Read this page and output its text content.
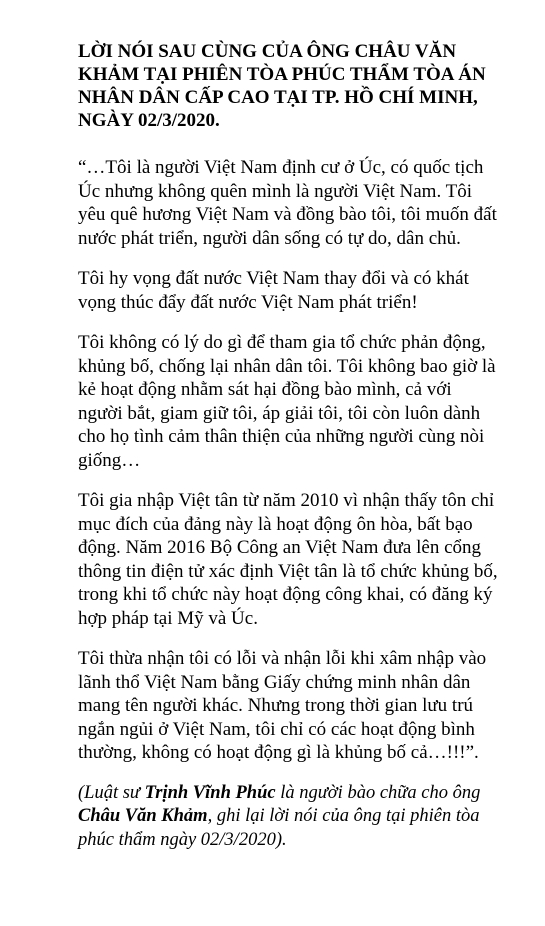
LỜI NÓI SAU CÙNG CỦA ÔNG CHÂU VĂN KHẢM TẠI PHIÊN TÒA PHÚC THẨM TÒA ÁN NHÂN DÂN CẤP CAO TẠI TP. HỒ CHÍ MINH, NGÀY 02/3/2020.

“…Tôi là người Việt Nam định cư ở Úc, có quốc tịch Úc nhưng không quên mình là người Việt Nam. Tôi yêu quê hương Việt Nam và đồng bào tôi, tôi muốn đất nước phát triển, người dân sống có tự do, dân chủ.

Tôi hy vọng đất nước Việt Nam thay đổi và có khát vọng thúc đẩy đất nước Việt Nam phát triển!

Tôi không có lý do gì để tham gia tổ chức phản động, khủng bố, chống lại nhân dân tôi. Tôi không bao giờ là kẻ hoạt động nhằm sát hại đồng bào mình, cả với người bắt, giam giữ tôi, áp giải tôi, tôi còn luôn dành cho họ tình cảm thân thiện của những người cùng nòi giống…

Tôi gia nhập Việt tân từ năm 2010 vì nhận thấy tôn chỉ mục đích của đảng này là hoạt động ôn hòa, bất bạo động. Năm 2016 Bộ Công an Việt Nam đưa lên cổng thông tin điện tử xác định Việt tân là tổ chức khủng bố, trong khi tổ chức này hoạt động công khai, có đăng ký hợp pháp tại Mỹ và Úc.

Tôi thừa nhận tôi có lỗi và nhận lỗi khi xâm nhập vào lãnh thổ Việt Nam bằng Giấy chứng minh nhân dân mang tên người khác. Nhưng trong thời gian lưu trú ngắn ngủi ở Việt Nam, tôi chỉ có các hoạt động bình thường, không có hoạt động gì là khủng bố cả…!!!”.

(Luật sư Trịnh Vĩnh Phúc là người bào chữa cho ông Châu Văn Khảm, ghi lại lời nói của ông tại phiên tòa phúc thẩm ngày 02/3/2020).
